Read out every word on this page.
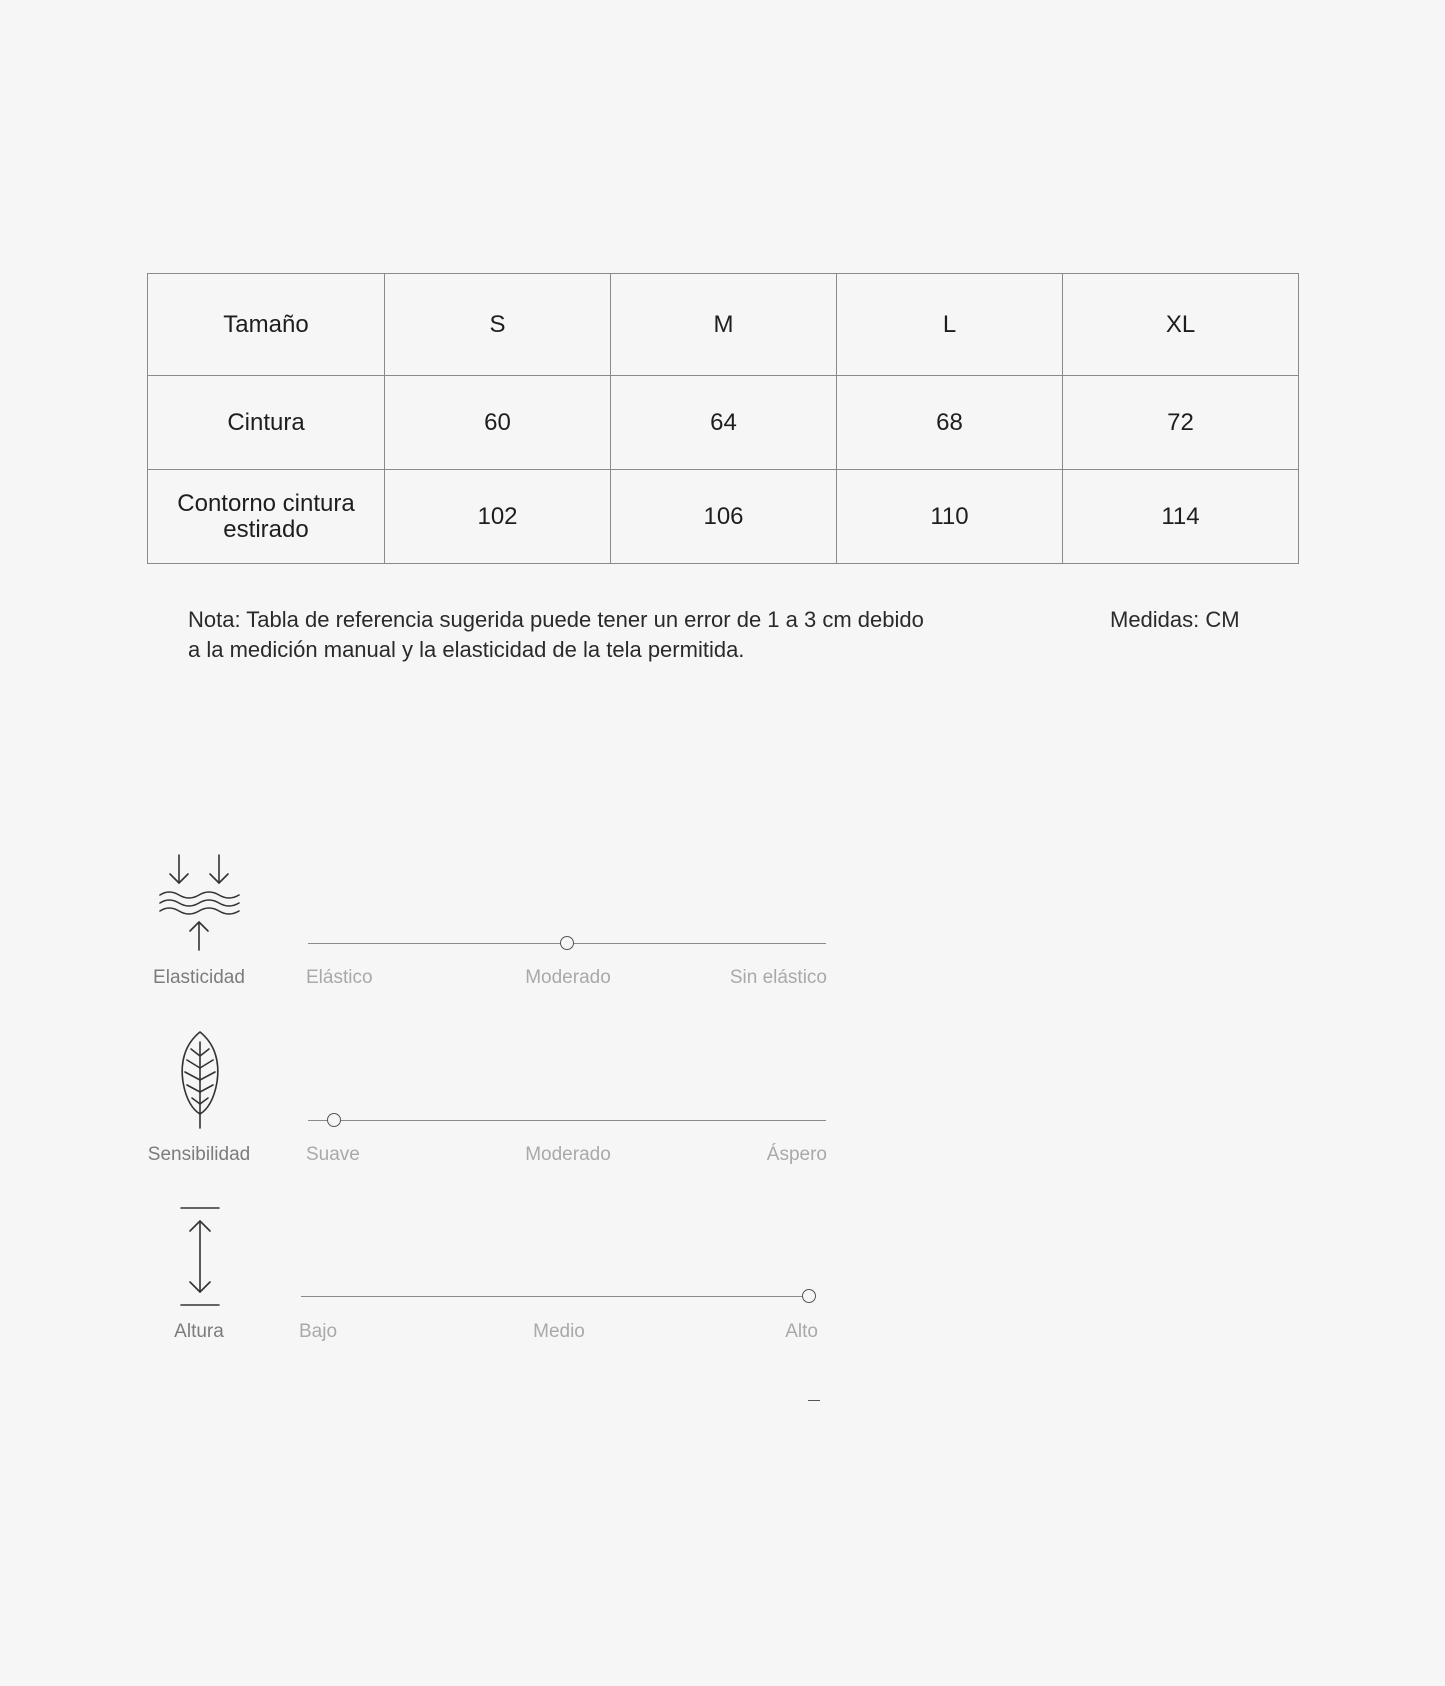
Tamaño	S	M	L	XL

Cintura	60	64	68	72

Contorno cintura
estirado	102	106	110	114
Nota: Tabla de referencia sugerida puede tener un error de 1 a 3 cm debido
a la medición manual y la elasticidad de la tela permitida.
Medidas: CM
Elasticidad	Elástico	Moderado	Sin elástico
Sensibilidad	Suave	Moderado	Áspero
Altura	Bajo	Medio	Alto
